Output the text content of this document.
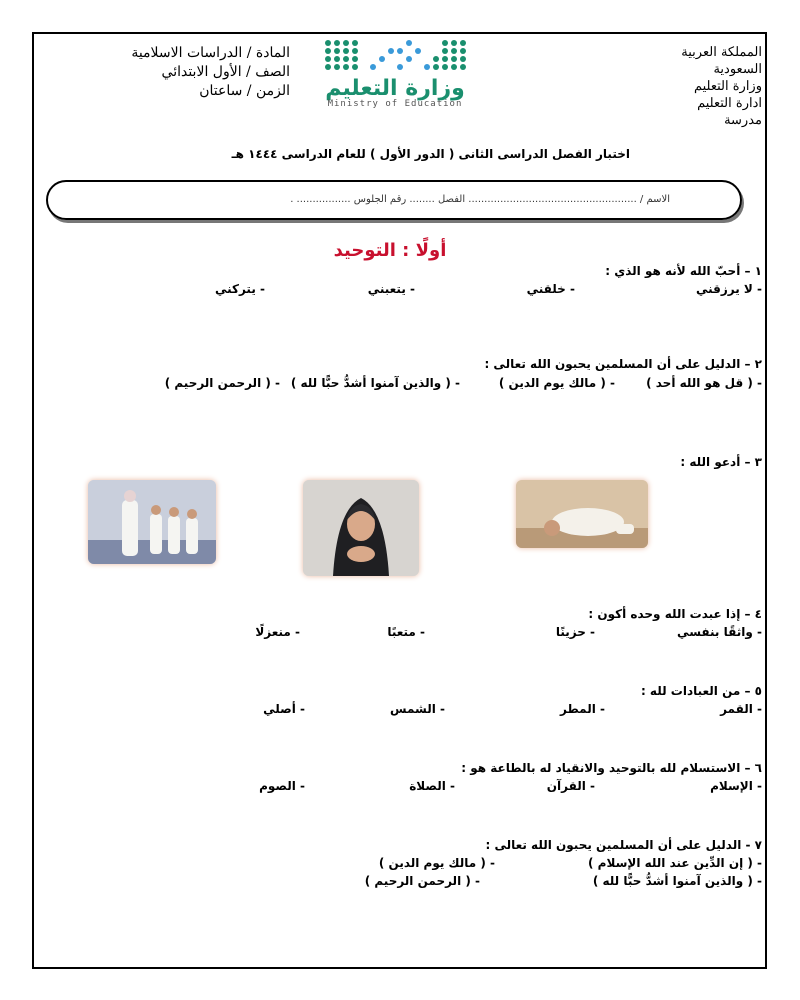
المملكة العربية
السعودية
وزارة التعليم
ادارة التعليم
مدرسة
المادة / الدراسات الاسلامية
الصف / الأول الابتدائي
الزمن / ساعتان وزارة التعليم
Ministry of Education
اختبار الفصل الدراسى الثانى ( الدور الأول ) للعام الدراسى ١٤٤٤ هـ
الاسم / ..................................................... الفصل ........ رقم الجلوس ................. .
أولًا : التوحيد
١ – أحبّ الله لأنه هو الذي :
- لا يرزقني
- خلقني
- يتعبني
- يتركني
٢ – الدليل على أن المسلمين يحبون الله تعالى :
- ( قل هو الله أحد )
- ( مالك يوم الدين )
- ( والذين آمنوا أشدُّ حبًّا لله )
- ( الرحمن الرحيم )
٣ – أدعو الله :
٤ – إذا عبدت الله وحده أكون :
- واثقًا بنفسي
- حزينًا
- متعبًا
- منعزلًا
٥ – من العبادات لله :
- القمر
- المطر
- الشمس
- أصلي
٦ – الاستسلام لله بالتوحيد والانقياد له بالطاعة هو :
- الإسلام
- القرآن
- الصلاة
- الصوم
٧ - الدليل على أن المسلمين يحبون الله تعالى :
- ( إن الدِّين عند الله الإسلام )
- ( مالك يوم الدين )
- ( والذين آمنوا أشدُّ حبًّا لله )
- ( الرحمن الرحيم )
